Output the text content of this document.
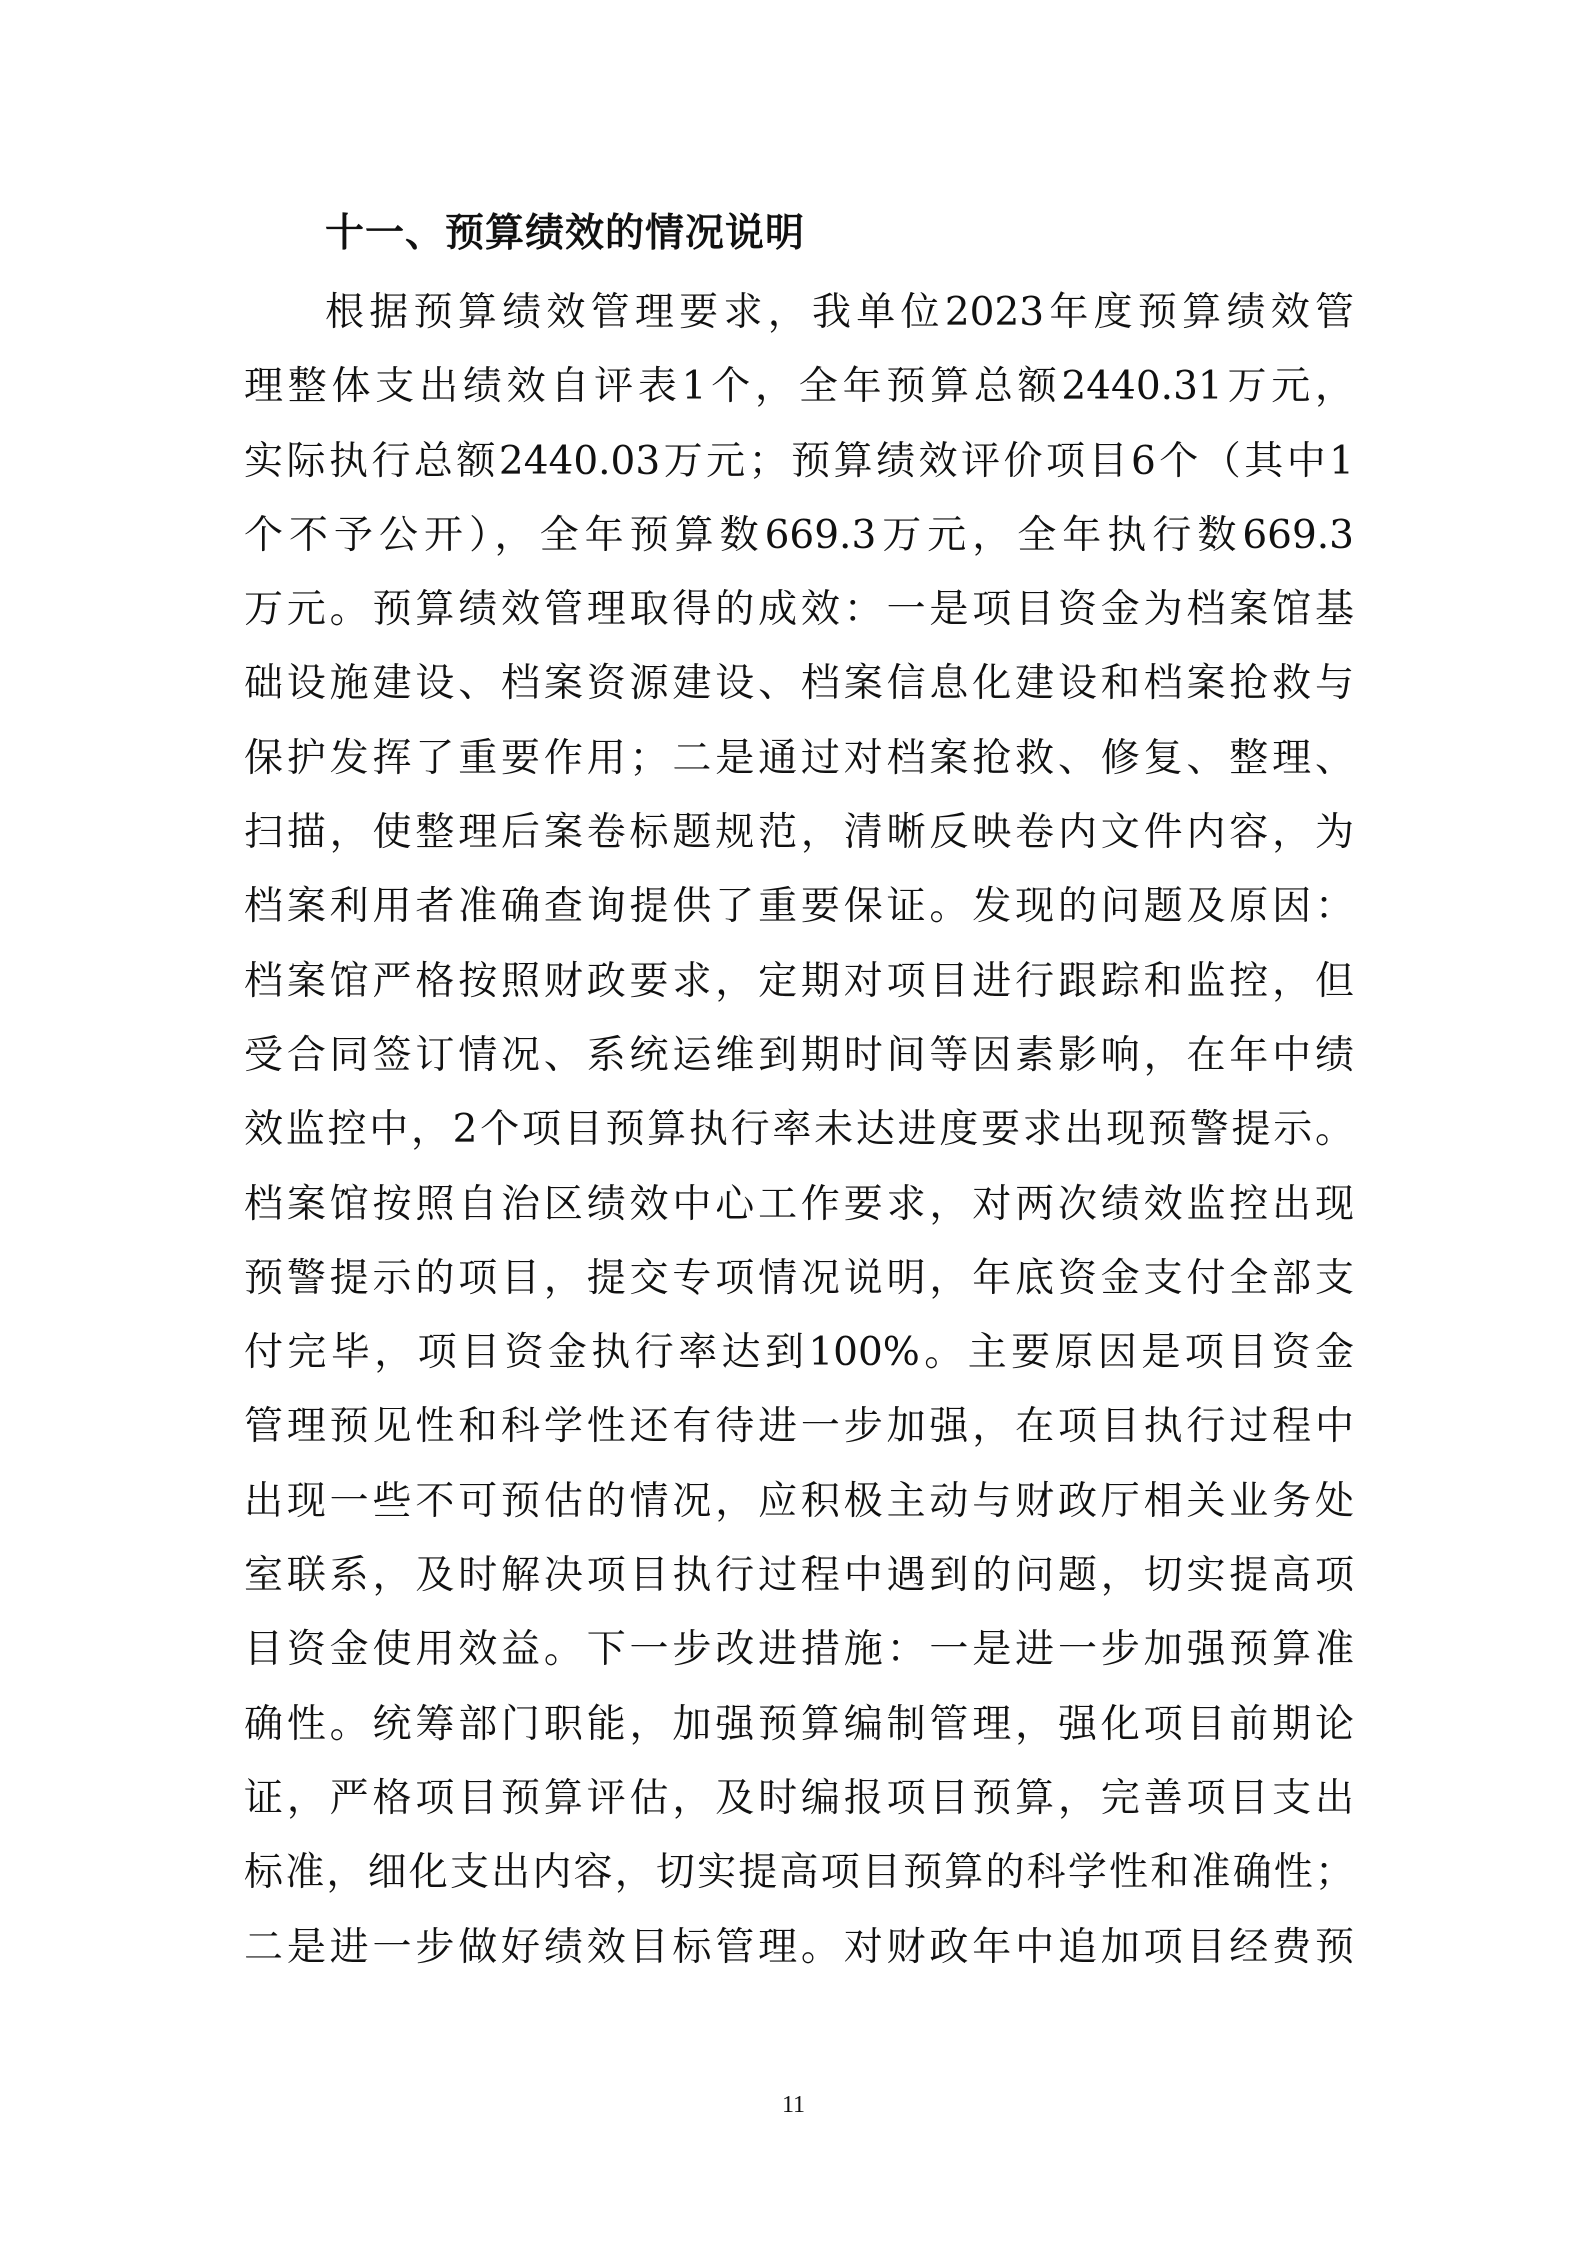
十一、预算绩效的情况说明
根据预算绩效管理要求，我单位2023年度预算绩效管
理整体支出绩效自评表1个，全年预算总额2440.31万元，
实际执行总额2440.03万元；预算绩效评价项目6个（其中1
个不予公开），全年预算数669.3万元，全年执行数669.3
万元。预算绩效管理取得的成效：一是项目资金为档案馆基
础设施建设、档案资源建设、档案信息化建设和档案抢救与
保护发挥了重要作用；二是通过对档案抢救、修复、整理、
扫描，使整理后案卷标题规范，清晰反映卷内文件内容，为
档案利用者准确查询提供了重要保证。发现的问题及原因：
档案馆严格按照财政要求，定期对项目进行跟踪和监控，但
受合同签订情况、系统运维到期时间等因素影响，在年中绩
效监控中，2个项目预算执行率未达进度要求出现预警提示。
档案馆按照自治区绩效中心工作要求，对两次绩效监控出现
预警提示的项目，提交专项情况说明，年底资金支付全部支
付完毕，项目资金执行率达到100%。主要原因是项目资金
管理预见性和科学性还有待进一步加强，在项目执行过程中
出现一些不可预估的情况，应积极主动与财政厅相关业务处
室联系，及时解决项目执行过程中遇到的问题，切实提高项
目资金使用效益。下一步改进措施：一是进一步加强预算准
确性。统筹部门职能，加强预算编制管理，强化项目前期论
证，严格项目预算评估，及时编报项目预算，完善项目支出
标准，细化支出内容，切实提高项目预算的科学性和准确性；
二是进一步做好绩效目标管理。对财政年中追加项目经费预
11
